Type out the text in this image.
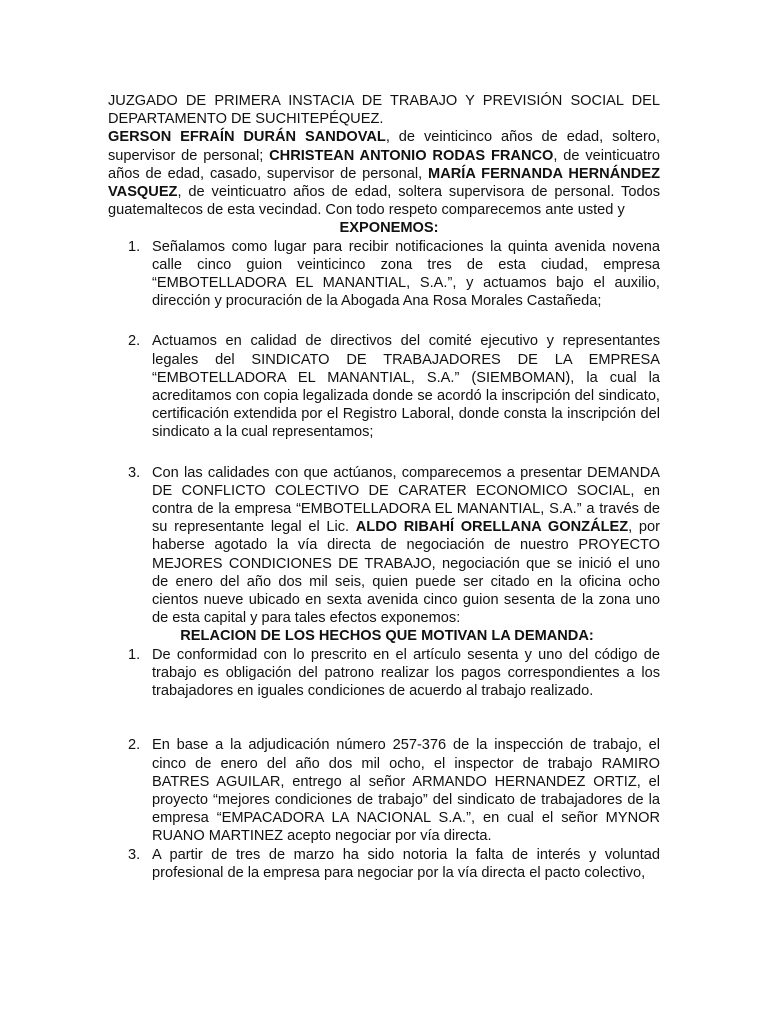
JUZGADO DE PRIMERA INSTACIA DE TRABAJO Y PREVISIÓN SOCIAL DEL DEPARTAMENTO DE SUCHITEPÉQUEZ.

GERSON EFRAÍN DURÁN SANDOVAL, de veinticinco años de edad, soltero, supervisor de personal; CHRISTEAN ANTONIO RODAS FRANCO, de veinticuatro años de edad, casado, supervisor de personal, MARÍA FERNANDA HERNÁNDEZ VASQUEZ, de veinticuatro años de edad, soltera supervisora de personal. Todos guatemaltecos de esta vecindad. Con todo respeto comparecemos ante usted y

EXPONEMOS:

1. Señalamos como lugar para recibir notificaciones la quinta avenida novena calle cinco guion veinticinco zona tres de esta ciudad, empresa “EMBOTELLADORA EL MANANTIAL, S.A.”, y actuamos bajo el auxilio, dirección y procuración de la Abogada Ana Rosa Morales Castañeda;
2. Actuamos en calidad de directivos del comité ejecutivo y representantes legales del SINDICATO DE TRABAJADORES DE LA EMPRESA “EMBOTELLADORA EL MANANTIAL, S.A.” (SIEMBOMAN), la cual la acreditamos con copia legalizada donde se acordó la inscripción del sindicato, certificación extendida por el Registro Laboral, donde consta la inscripción del sindicato a la cual representamos;
3. Con las calidades con que actúanos, comparecemos a presentar DEMANDA DE CONFLICTO COLECTIVO DE CARATER ECONOMICO SOCIAL, en contra de la empresa “EMBOTELLADORA EL MANANTIAL, S.A.” a través de su representante legal el Lic. ALDO RIBAHÍ ORELLANA GONZÁLEZ, por haberse agotado la vía directa de negociación de nuestro PROYECTO MEJORES CONDICIONES DE TRABAJO, negociación que se inició el uno de enero del año dos mil seis, quien puede ser citado en la oficina ocho cientos nueve ubicado en sexta avenida cinco guion sesenta de la zona uno de esta capital y para tales efectos exponemos:

RELACION DE LOS HECHOS QUE MOTIVAN LA DEMANDA:

1. De conformidad con lo prescrito en el artículo sesenta y uno del código de trabajo es obligación del patrono realizar los pagos correspondientes a los trabajadores en iguales condiciones de acuerdo al trabajo realizado.
2. En base a la adjudicación número 257-376 de la inspección de trabajo, el cinco de enero del año dos mil ocho, el inspector de trabajo RAMIRO BATRES AGUILAR, entrego al señor ARMANDO HERNANDEZ ORTIZ, el proyecto “mejores condiciones de trabajo” del sindicato de trabajadores de la empresa “EMPACADORA LA NACIONAL S.A.”, en cual el señor MYNOR RUANO MARTINEZ acepto negociar por vía directa.
3. A partir de tres de marzo ha sido notoria la falta de interés y voluntad profesional de la empresa para negociar por la vía directa el pacto colectivo,
